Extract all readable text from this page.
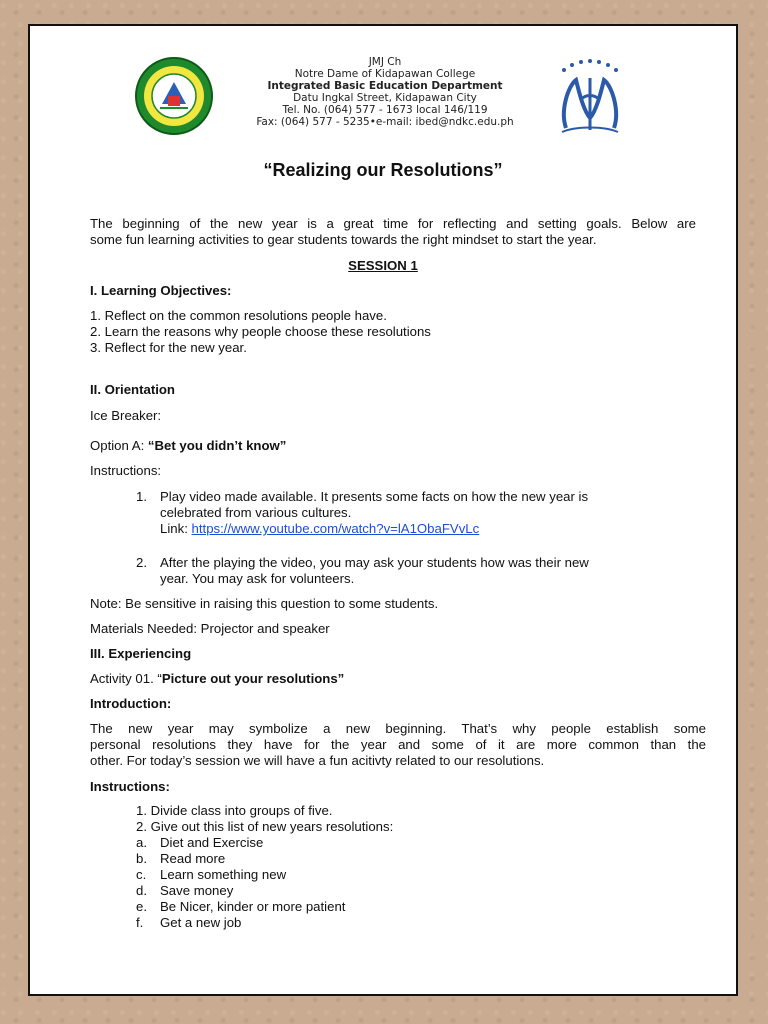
JMJ Ch
Notre Dame of Kidapawan College
Integrated Basic Education Department
Datu Ingkal Street, Kidapawan City
Tel. No. (064) 577 - 1673 local 146/119
Fax: (064) 577 - 5235•e-mail: ibed@ndkc.edu.ph
“Realizing our Resolutions”
The beginning of the new year is a great time for reflecting and setting goals. Below are
some fun learning activities to gear students towards the right mindset to start the year.
SESSION 1
I. Learning Objectives:
1. Reflect on the common resolutions people have.
2. Learn the reasons why people choose these resolutions
3. Reflect for the new year.
II. Orientation
Ice Breaker:
Option A: “Bet you didn’t know”
Instructions:
1. Play video made available. It presents some facts on how the new year is
celebrated from various cultures.
Link: https://www.youtube.com/watch?v=lA1ObaFVvLc
2. After the playing the video, you may ask your students how was their new
year. You may ask for volunteers.
Note: Be sensitive in raising this question to some students.
Materials Needed: Projector and speaker
III. Experiencing
Activity 01. “Picture out your resolutions”
Introduction:
The new year may symbolize a new beginning. That’s why people establish some
personal resolutions they have for the year and some of it are more common than the
other. For today’s session we will have a fun acitivty related to our resolutions.
Instructions:
1. Divide class into groups of five.
2. Give out this list of new years resolutions:
a. Diet and Exercise
b. Read more
c. Learn something new
d. Save money
e. Be Nicer, kinder or more patient
f. Get a new job
